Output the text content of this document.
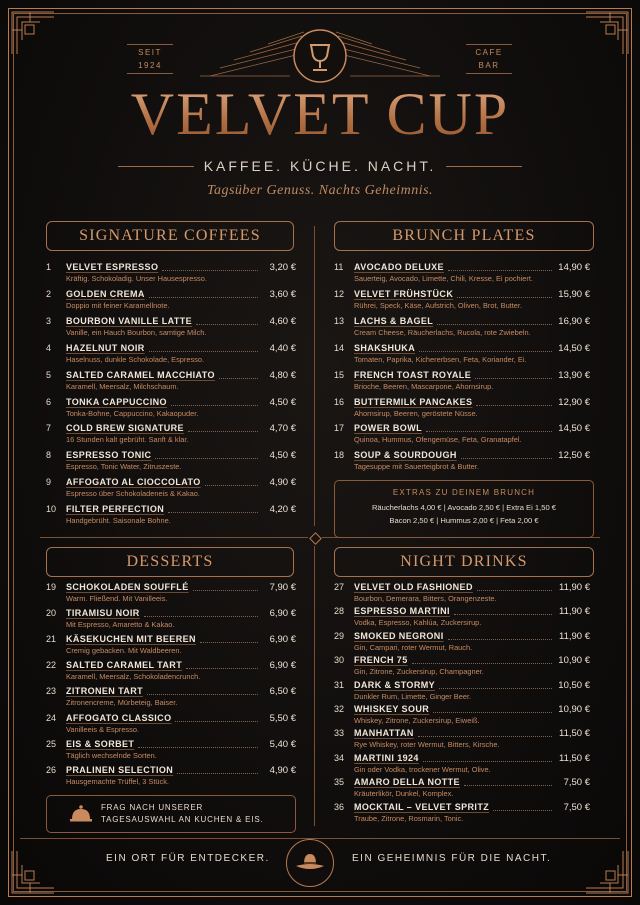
SEIT
1924
CAFE
BAR
VELVET CUP
KAFFEE. KÜCHE. NACHT.
Tagsüber Genuss. Nachts Geheimnis.
SIGNATURE COFFEES	BRUNCH PLATES
DESSERTS	NIGHT DRINKS
1 VELVET ESPRESSO	3,20 €
Kräftig. Schokoladig. Unser Hausespresso.
2 GOLDEN CREMA	3,60 €
Doppio mit feiner Karamellnote.
3 BOURBON VANILLE LATTE	4,60 €
Vanille, ein Hauch Bourbon, samtige Milch.
4 HAZELNUT NOIR	4,40 €
Haselnuss, dunkle Schokolade, Espresso.
5 SALTED CARAMEL MACCHIATO	4,80 €
Karamell, Meersalz, Milchschaum.
6 TONKA CAPPUCCINO	4,50 €
Tonka-Bohne, Cappuccino, Kakaopuder.
7 COLD BREW SIGNATURE	4,70 €
16 Stunden kalt gebrüht. Sanft & klar.
8 ESPRESSO TONIC	4,50 €
Espresso, Tonic Water, Zitruszeste.
9 AFFOGATO AL CIOCCOLATO	4,90 €
Espresso über Schokoladeneis & Kakao.
10 FILTER PERFECTION	4,20 €
Handgebrüht. Saisonale Bohne.
11 AVOCADO DELUXE	14,90 €
Sauerteig, Avocado, Limette, Chili, Kresse, Ei pochiert.
12 VELVET FRÜHSTÜCK	15,90 €
Rührei, Speck, Käse, Aufstrich, Oliven, Brot, Butter.
13 LACHS & BAGEL	16,90 €
Cream Cheese, Räucherlachs, Rucola, rote Zwiebeln.
14 SHAKSHUKA	14,50 €
Tomaten, Paprika, Kichererbsen, Feta, Koriander, Ei.
15 FRENCH TOAST ROYALE	13,90 €
Brioche, Beeren, Mascarpone, Ahornsirup.
16 BUTTERMILK PANCAKES	12,90 €
Ahornsirup, Beeren, geröstete Nüsse.
17 POWER BOWL	14,50 €
Quinoa, Hummus, Ofengemüse, Feta, Granatapfel.
18 SOUP & SOURDOUGH	12,50 €
Tagesuppe mit Sauerteigbrot & Butter.
19 SCHOKOLADEN SOUFFLÉ	7,90 €
Warm. Fließend. Mit Vanilleeis.
20 TIRAMISU NOIR	6,90 €
Mit Espresso, Amaretto & Kakao.
21 KÄSEKUCHEN MIT BEEREN	6,90 €
Cremig gebacken. Mit Waldbeeren.
22 SALTED CARAMEL TART	6,90 €
Karamell, Meersalz, Schokoladencrunch.
23 ZITRONEN TART	6,50 €
Zitronencreme, Mürbeteig, Baiser.
24 AFFOGATO CLASSICO	5,50 €
Vanilleeis & Espresso.
25 EIS & SORBET	5,40 €
Täglich wechselnde Sorten.
26 PRALINEN SELECTION	4,90 €
Hausgemachte Trüffel, 3 Stück.
27 VELVET OLD FASHIONED	11,90 €
Bourbon, Demerara, Bitters, Orangenzeste.
28 ESPRESSO MARTINI	11,90 €
Vodka, Espresso, Kahlúa, Zuckersirup.
29 SMOKED NEGRONI	11,90 €
Gin, Campari, roter Wermut, Rauch.
30 FRENCH 75	10,90 €
Gin, Zitrone, Zuckersirup, Champagner.
31 DARK & STORMY	10,50 €
Dunkler Rum, Limette, Ginger Beer.
32 WHISKEY SOUR	10,90 €
Whiskey, Zitrone, Zuckersirup, Eiweiß.
33 MANHATTAN	11,50 €
Rye Whiskey, roter Wermut, Bitters, Kirsche.
34 MARTINI 1924	11,50 €
Gin oder Vodka, trockener Wermut, Olive.
35 AMARO DELLA NOTTE	7,50 €
Kräuterlikör, Dunkel, Komplex.
36 MOCKTAIL – VELVET SPRITZ	7,50 €
Traube, Zitrone, Rosmarin, Tonic.
EXTRAS ZU DEINEM BRUNCH
Räucherlachs 4,00 € | Avocado 2,50 € | Extra Ei 1,50 €
Bacon 2,50 € | Hummus 2,00 € | Feta 2,00 €
FRAG NACH UNSERER
TAGESAUSWAHL AN KUCHEN & EIS.
EIN ORT FÜR ENTDECKER.	EIN GEHEIMNIS FÜR DIE NACHT.
